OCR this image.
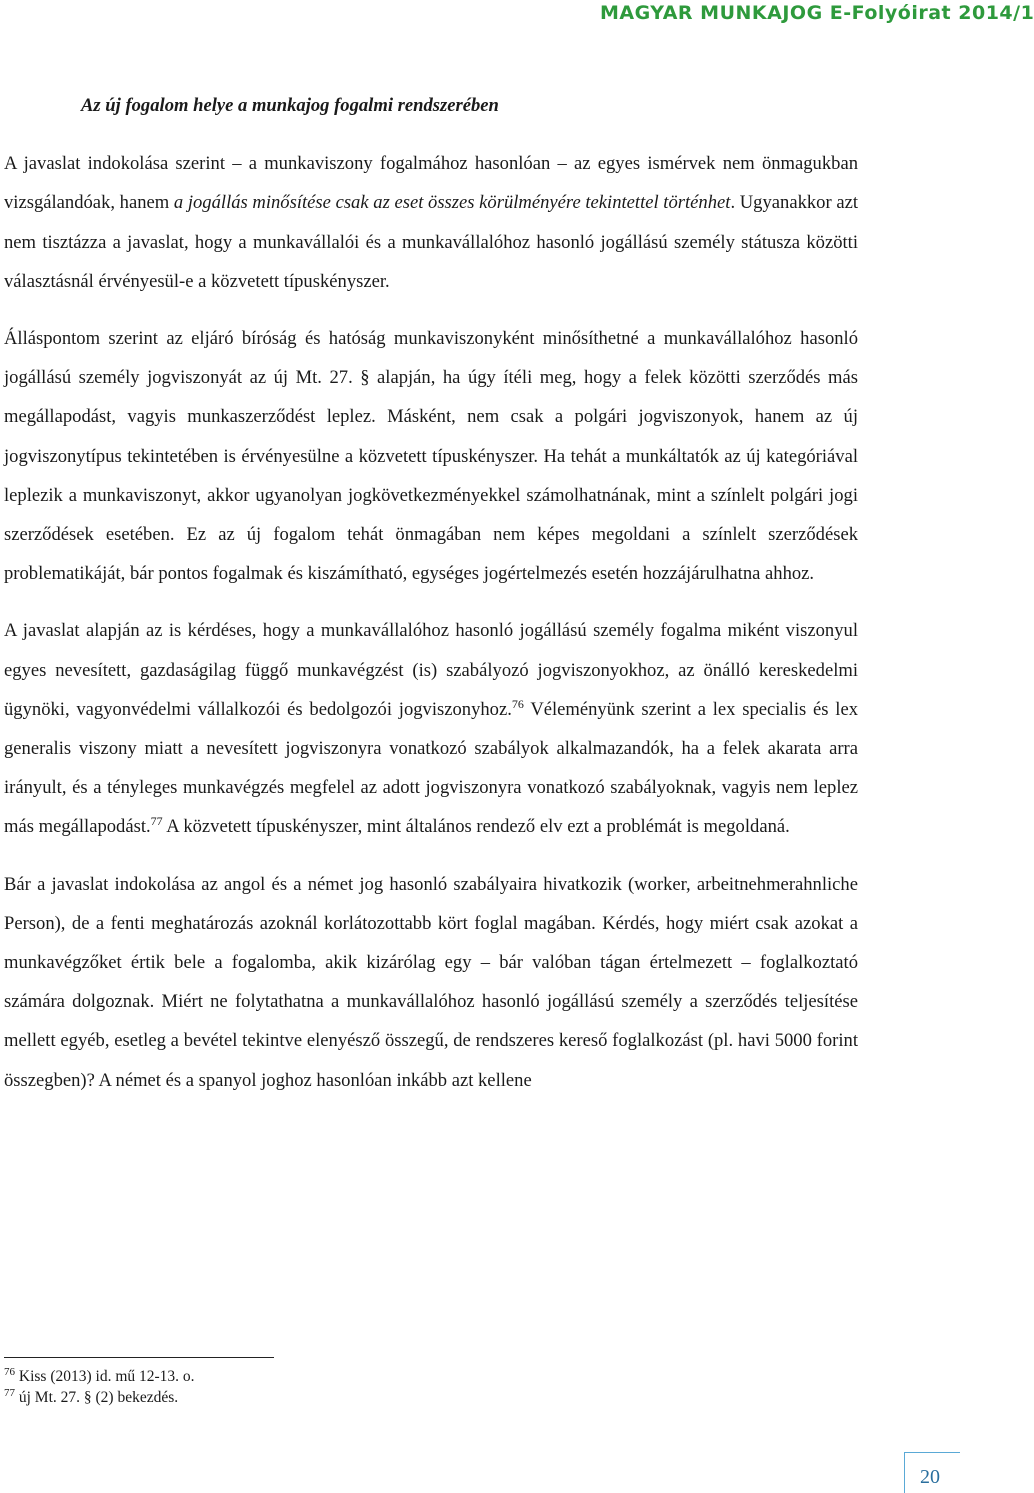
MAGYAR MUNKAJOG E-Folyóirat 2014/1
Az új fogalom helye a munkajog fogalmi rendszerében

A javaslat indokolása szerint – a munkaviszony fogalmához hasonlóan – az egyes ismérvek nem önmagukban vizsgálandóak, hanem a jogállás minősítése csak az eset összes körülményére tekintettel történhet. Ugyanakkor azt nem tisztázza a javaslat, hogy a munkavállalói és a munkavállalóhoz hasonló jogállású személy státusza közötti választásnál érvényesül-e a közvetett típuskényszer.

Álláspontom szerint az eljáró bíróság és hatóság munkaviszonyként minősíthetné a munkavállalóhoz hasonló jogállású személy jogviszonyát az új Mt. 27. § alapján, ha úgy ítéli meg, hogy a felek közötti szerződés más megállapodást, vagyis munkaszerződést leplez. Másként, nem csak a polgári jogviszonyok, hanem az új jogviszonytípus tekintetében is érvényesülne a közvetett típuskényszer. Ha tehát a munkáltatók az új kategóriával leplezik a munkaviszonyt, akkor ugyanolyan jogkövetkezményekkel számolhatnának, mint a színlelt polgári jogi szerződések esetében. Ez az új fogalom tehát önmagában nem képes megoldani a színlelt szerződések problematikáját, bár pontos fogalmak és kiszámítható, egységes jogértelmezés esetén hozzájárulhatna ahhoz.

A javaslat alapján az is kérdéses, hogy a munkavállalóhoz hasonló jogállású személy fogalma miként viszonyul egyes nevesített, gazdaságilag függő munkavégzést (is) szabályozó jogviszonyokhoz, az önálló kereskedelmi ügynöki, vagyonvédelmi vállalkozói és bedolgozói jogviszonyhoz.$^{76}$ Véleményünk szerint a lex specialis és lex generalis viszony miatt a nevesített jogviszonyra vonatkozó szabályok alkalmazandók, ha a felek akarata arra irányult, és a tényleges munkavégzés megfelel az adott jogviszonyra vonatkozó szabályoknak, vagyis nem leplez más megállapodást.$^{77}$ A közvetett típuskényszer, mint általános rendező elv ezt a problémát is megoldaná.

Bár a javaslat indokolása az angol és a német jog hasonló szabályaira hivatkozik (worker, arbeitnehmerahnliche Person), de a fenti meghatározás azoknál korlátozottabb kört foglal magában. Kérdés, hogy miért csak azokat a munkavégzőket értik bele a fogalomba, akik kizárólag egy – bár valóban tágan értelmezett – foglalkoztató számára dolgoznak. Miért ne folytathatna a munkavállalóhoz hasonló jogállású személy a szerződés teljesítése mellett egyéb, esetleg a bevétel tekintve elenyésző összegű, de rendszeres kereső foglalkozást (pl. havi 5000 forint összegben)? A német és a spanyol joghoz hasonlóan inkább azt kellene

$^{76}$ Kiss (2013) id. mű 12-13. o.
$^{77}$ új Mt. 27. § (2) bekezdés.
20
